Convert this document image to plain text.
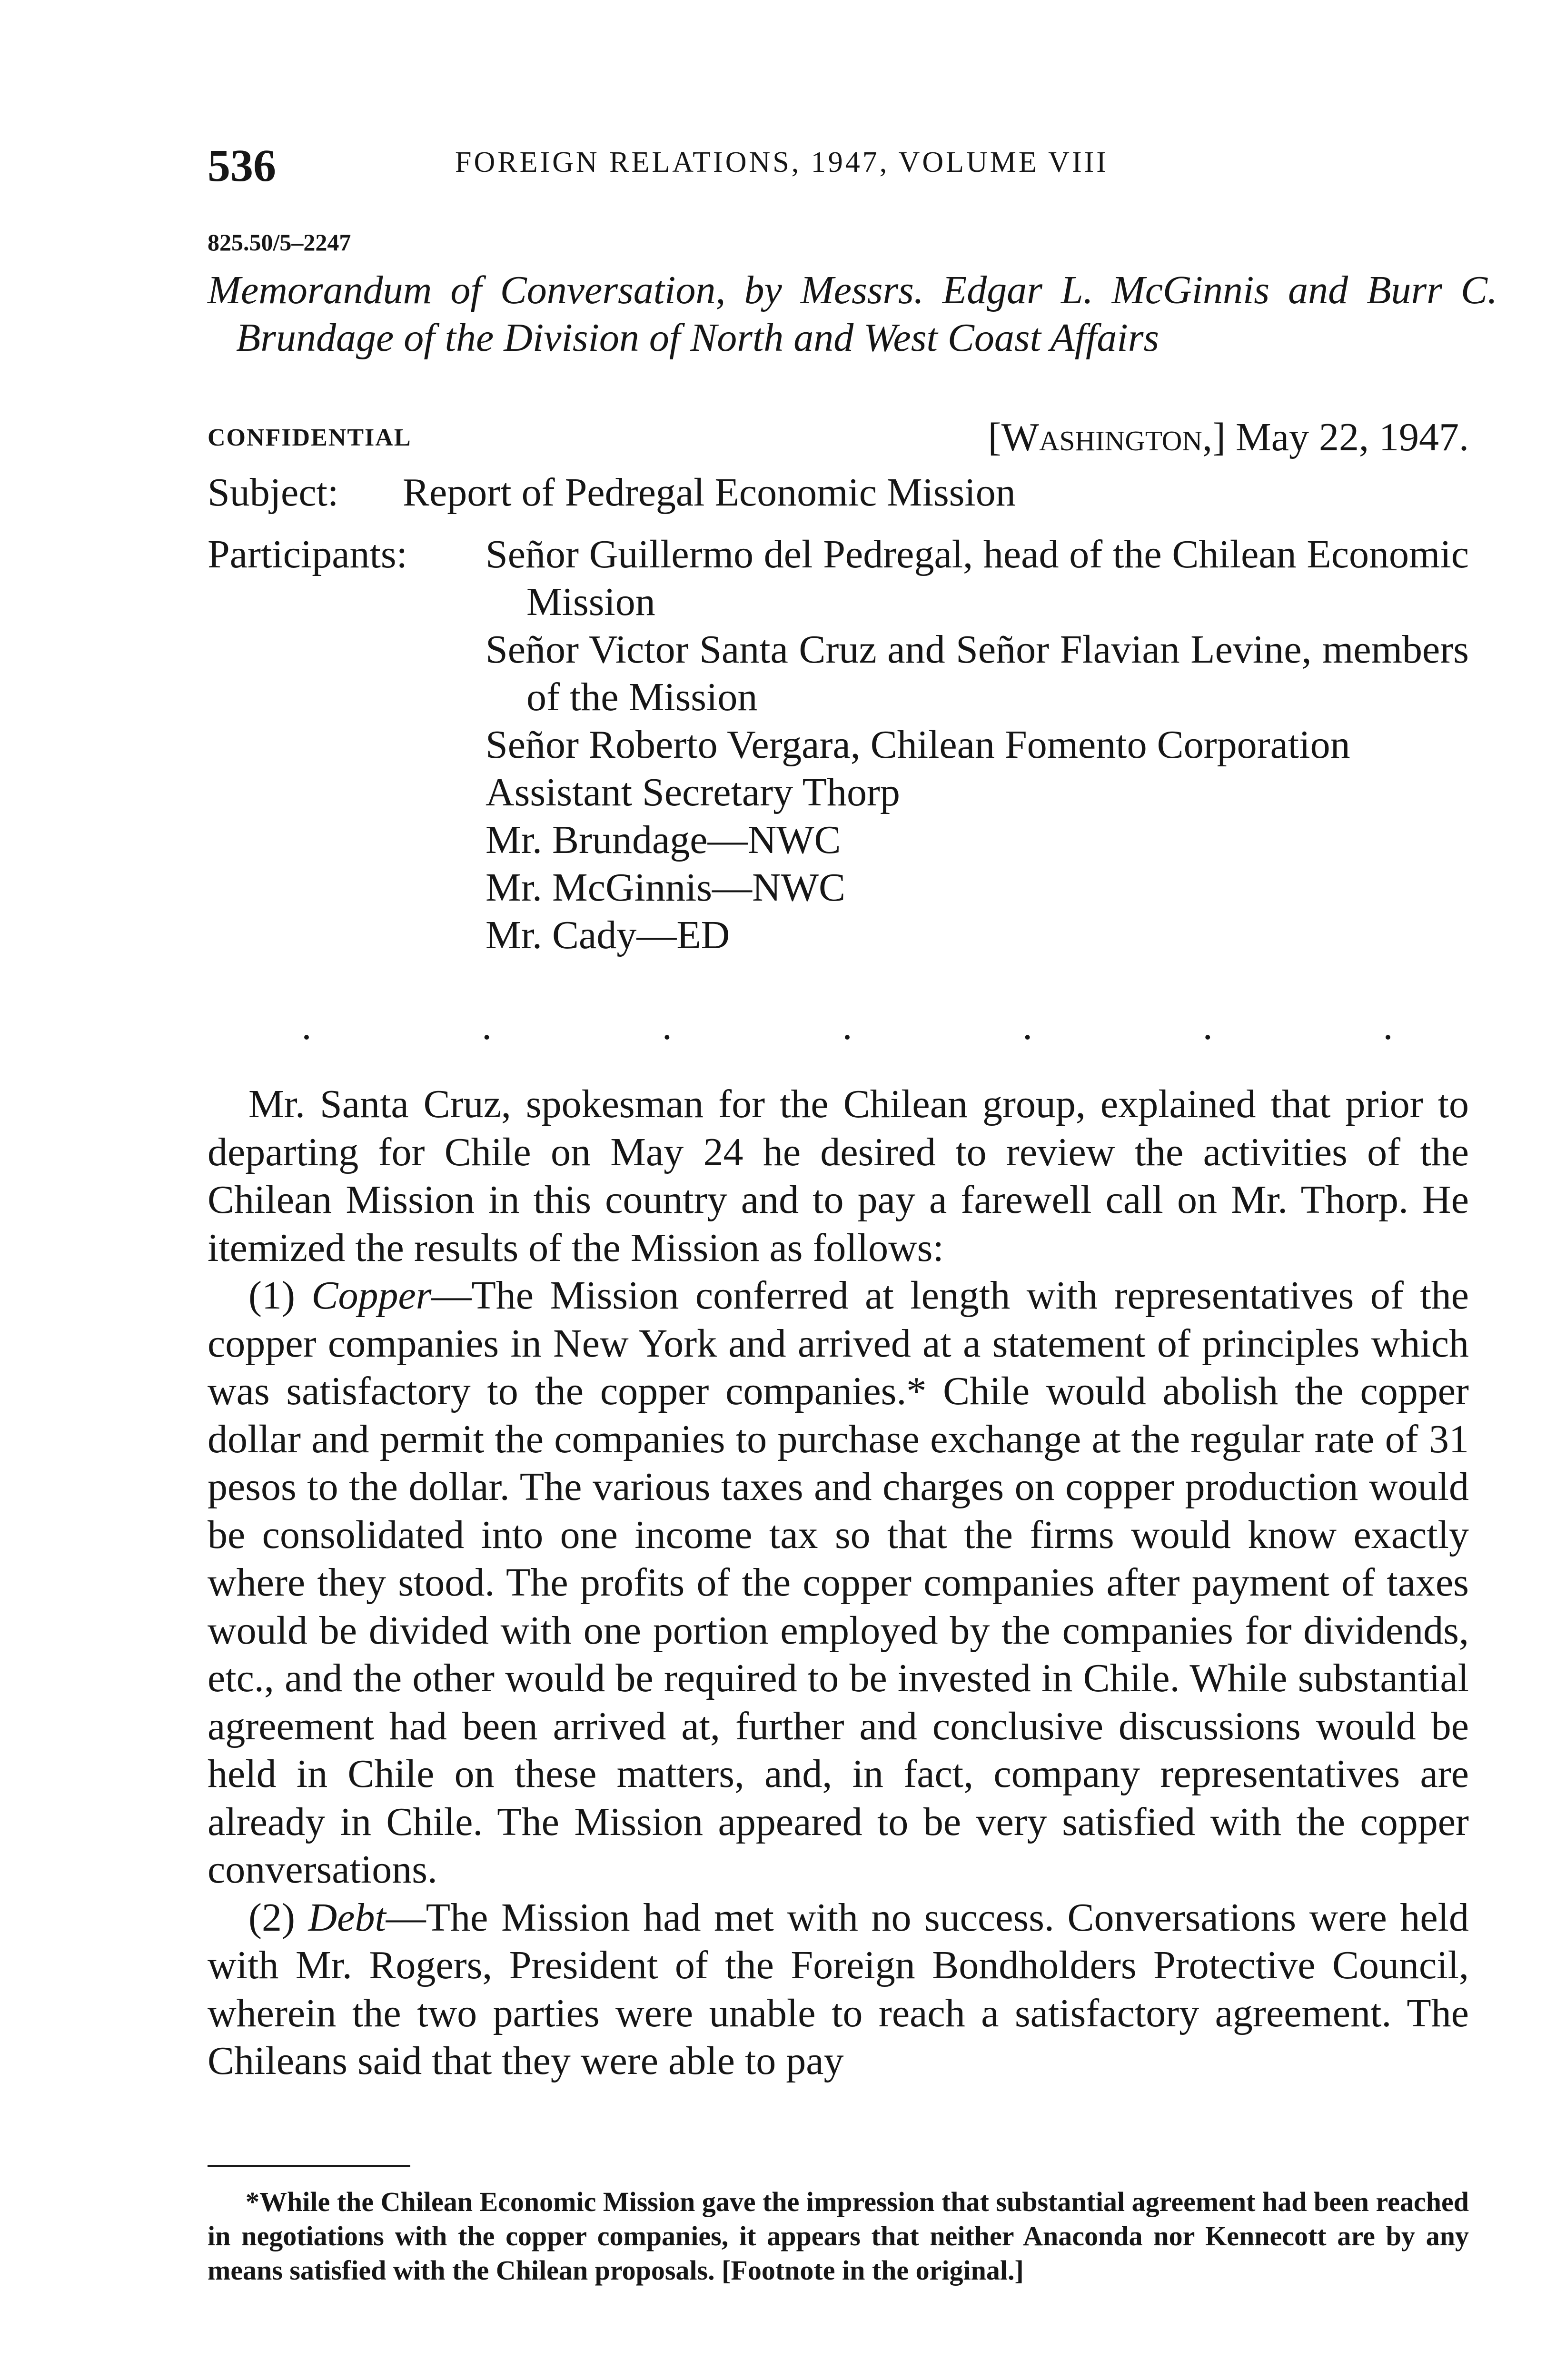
536	FOREIGN RELATIONS, 1947, VOLUME VIII
825.50/5–2247
Memorandum of Conversation, by Messrs. Edgar L. McGinnis and Burr C. Brundage of the Division of North and West Coast Affairs
CONFIDENTIAL	[Washington,] May 22, 1947.
Subject: Report of Pedregal Economic Mission
Participants: Señor Guillermo del Pedregal, head of the Chilean Economic Mission
Señor Victor Santa Cruz and Señor Flavian Levine, members of the Mission
Señor Roberto Vergara, Chilean Fomento Corporation
Assistant Secretary Thorp
Mr. Brundage—NWC
Mr. McGinnis—NWC
Mr. Cady—ED
·	·	·	·	·	·	·

Mr. Santa Cruz, spokesman for the Chilean group, explained that prior to departing for Chile on May 24 he desired to review the activities of the Chilean Mission in this country and to pay a farewell call on Mr. Thorp. He itemized the results of the Mission as follows:

(1) Copper—The Mission conferred at length with representatives of the copper companies in New York and arrived at a statement of principles which was satisfactory to the copper companies.* Chile would abolish the copper dollar and permit the companies to purchase exchange at the regular rate of 31 pesos to the dollar. The various taxes and charges on copper production would be consolidated into one income tax so that the firms would know exactly where they stood. The profits of the copper companies after payment of taxes would be divided with one portion employed by the companies for dividends, etc., and the other would be required to be invested in Chile. While substantial agreement had been arrived at, further and conclusive discussions would be held in Chile on these matters, and, in fact, company representatives are already in Chile. The Mission appeared to be very satisfied with the copper conversations.

(2) Debt—The Mission had met with no success. Conversations were held with Mr. Rogers, President of the Foreign Bondholders Protective Council, wherein the two parties were unable to reach a satisfactory agreement. The Chileans said that they were able to pay

*While the Chilean Economic Mission gave the impression that substantial agreement had been reached in negotiations with the copper companies, it appears that neither Anaconda nor Kennecott are by any means satisfied with the Chilean proposals. [Footnote in the original.]
